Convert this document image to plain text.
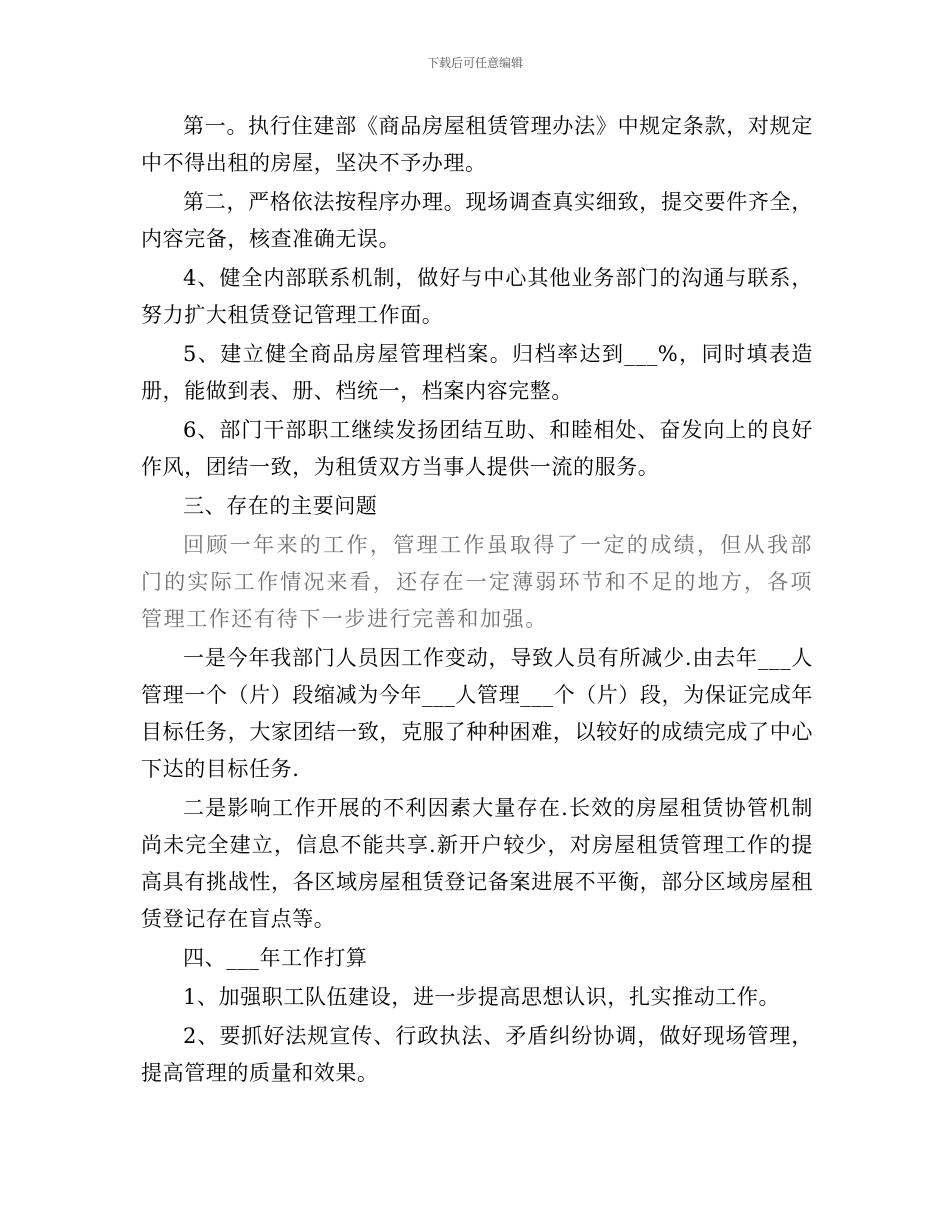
下载后可任意编辑

第一。执行住建部《商品房屋租赁管理办法》中规定条款，对规定中不得出租的房屋，坚决不予办理。

第二，严格依法按程序办理。现场调查真实细致，提交要件齐全，内容完备，核查准确无误。

4、健全内部联系机制，做好与中心其他业务部门的沟通与联系，努力扩大租赁登记管理工作面。

5、建立健全商品房屋管理档案。归档率达到___%，同时填表造册，能做到表、册、档统一，档案内容完整。

6、部门干部职工继续发扬团结互助、和睦相处、奋发向上的良好作风，团结一致，为租赁双方当事人提供一流的服务。

三、存在的主要问题

回顾一年来的工作，管理工作虽取得了一定的成绩，但从我部门的实际工作情况来看，还存在一定薄弱环节和不足的地方，各项管理工作还有待下一步进行完善和加强。

一是今年我部门人员因工作变动，导致人员有所减少.由去年___人管理一个（片）段缩减为今年___人管理___个（片）段，为保证完成年目标任务，大家团结一致，克服了种种困难，以较好的成绩完成了中心下达的目标任务.

二是影响工作开展的不利因素大量存在.长效的房屋租赁协管机制尚未完全建立，信息不能共享.新开户较少，对房屋租赁管理工作的提高具有挑战性，各区域房屋租赁登记备案进展不平衡，部分区域房屋租赁登记存在盲点等。

四、___年工作打算

1、加强职工队伍建设，进一步提高思想认识，扎实推动工作。

2、要抓好法规宣传、行政执法、矛盾纠纷协调，做好现场管理，提高管理的质量和效果。
